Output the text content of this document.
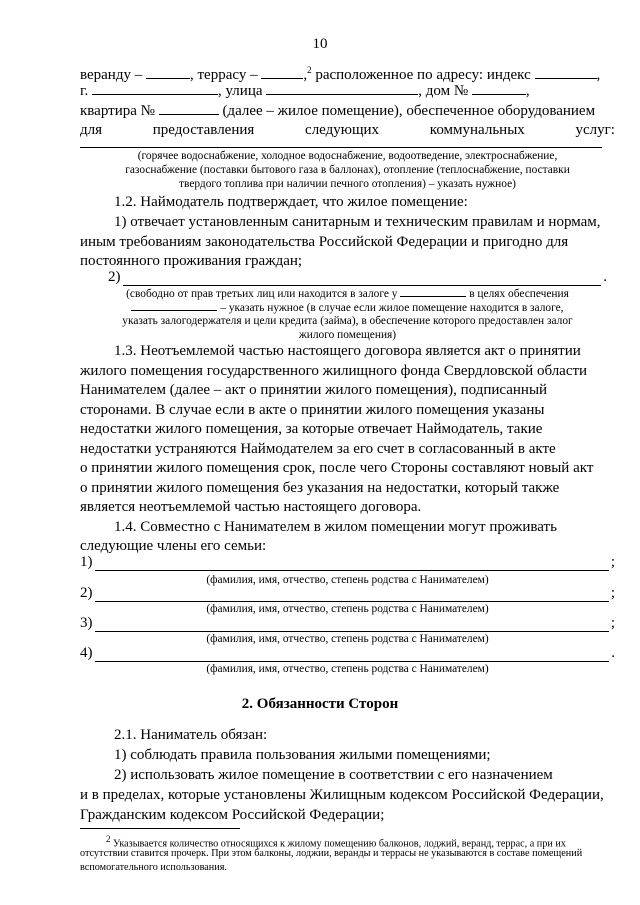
10
веранду –	, террасу –	,$^2$ расположенное по адресу: индекс	,
г.	, улица	, дом №	,
квартира №	(далее – жилое помещение), обеспеченное оборудованием
для	предоставления	следующих	коммунальных	услуг:
(горячее водоснабжение, холодное водоснабжение, водоотведение, электроснабжение,
газоснабжение (поставки бытового газа в баллонах), отопление (теплоснабжение, поставки
твердого топлива при наличии печного отопления) – указать нужное)
1.2. Наймодатель подтверждает, что жилое помещение:
1) отвечает установленным санитарным и техническим правилам и нормам,
иным требованиям законодательства Российской Федерации и пригодно для
постоянного проживания граждан;
2)	.
(свободно от прав третьих лиц или находится в залоге у	в целях обеспечения
– указать нужное (в случае если жилое помещение находится в залоге,
указать залогодержателя и цели кредита (займа), в обеспечение которого предоставлен залог
жилого помещения)
1.3. Неотъемлемой частью настоящего договора является акт о принятии
жилого помещения государственного жилищного фонда Свердловской области
Нанимателем (далее – акт о принятии жилого помещения), подписанный
сторонами. В случае если в акте о принятии жилого помещения указаны
недостатки жилого помещения, за которые отвечает Наймодатель, такие
недостатки устраняются Наймодателем за его счет в согласованный в акте
о принятии жилого помещения срок, после чего Стороны составляют новый акт
о принятии жилого помещения без указания на недостатки, который также
является неотъемлемой частью настоящего договора.
1.4. Совместно с Нанимателем в жилом помещении могут проживать
следующие члены его семьи:
1)	;
(фамилия, имя, отчество, степень родства с Нанимателем)
2)	;
(фамилия, имя, отчество, степень родства с Нанимателем)
3)	;
(фамилия, имя, отчество, степень родства с Нанимателем)
4)	.
(фамилия, имя, отчество, степень родства с Нанимателем)
2. Обязанности Сторон
2.1. Наниматель обязан:
1) соблюдать правила пользования жилыми помещениями;
2) использовать жилое помещение в соответствии с его назначением
и в пределах, которые установлены Жилищным кодексом Российской Федерации,
Гражданским кодексом Российской Федерации;
$^2$ Указывается количество относящихся к жилому помещению балконов, лоджий, веранд, террас, а при их
отсутствии ставится прочерк. При этом балконы, лоджии, веранды и террасы не указываются в составе помещений
вспомогательного использования.
